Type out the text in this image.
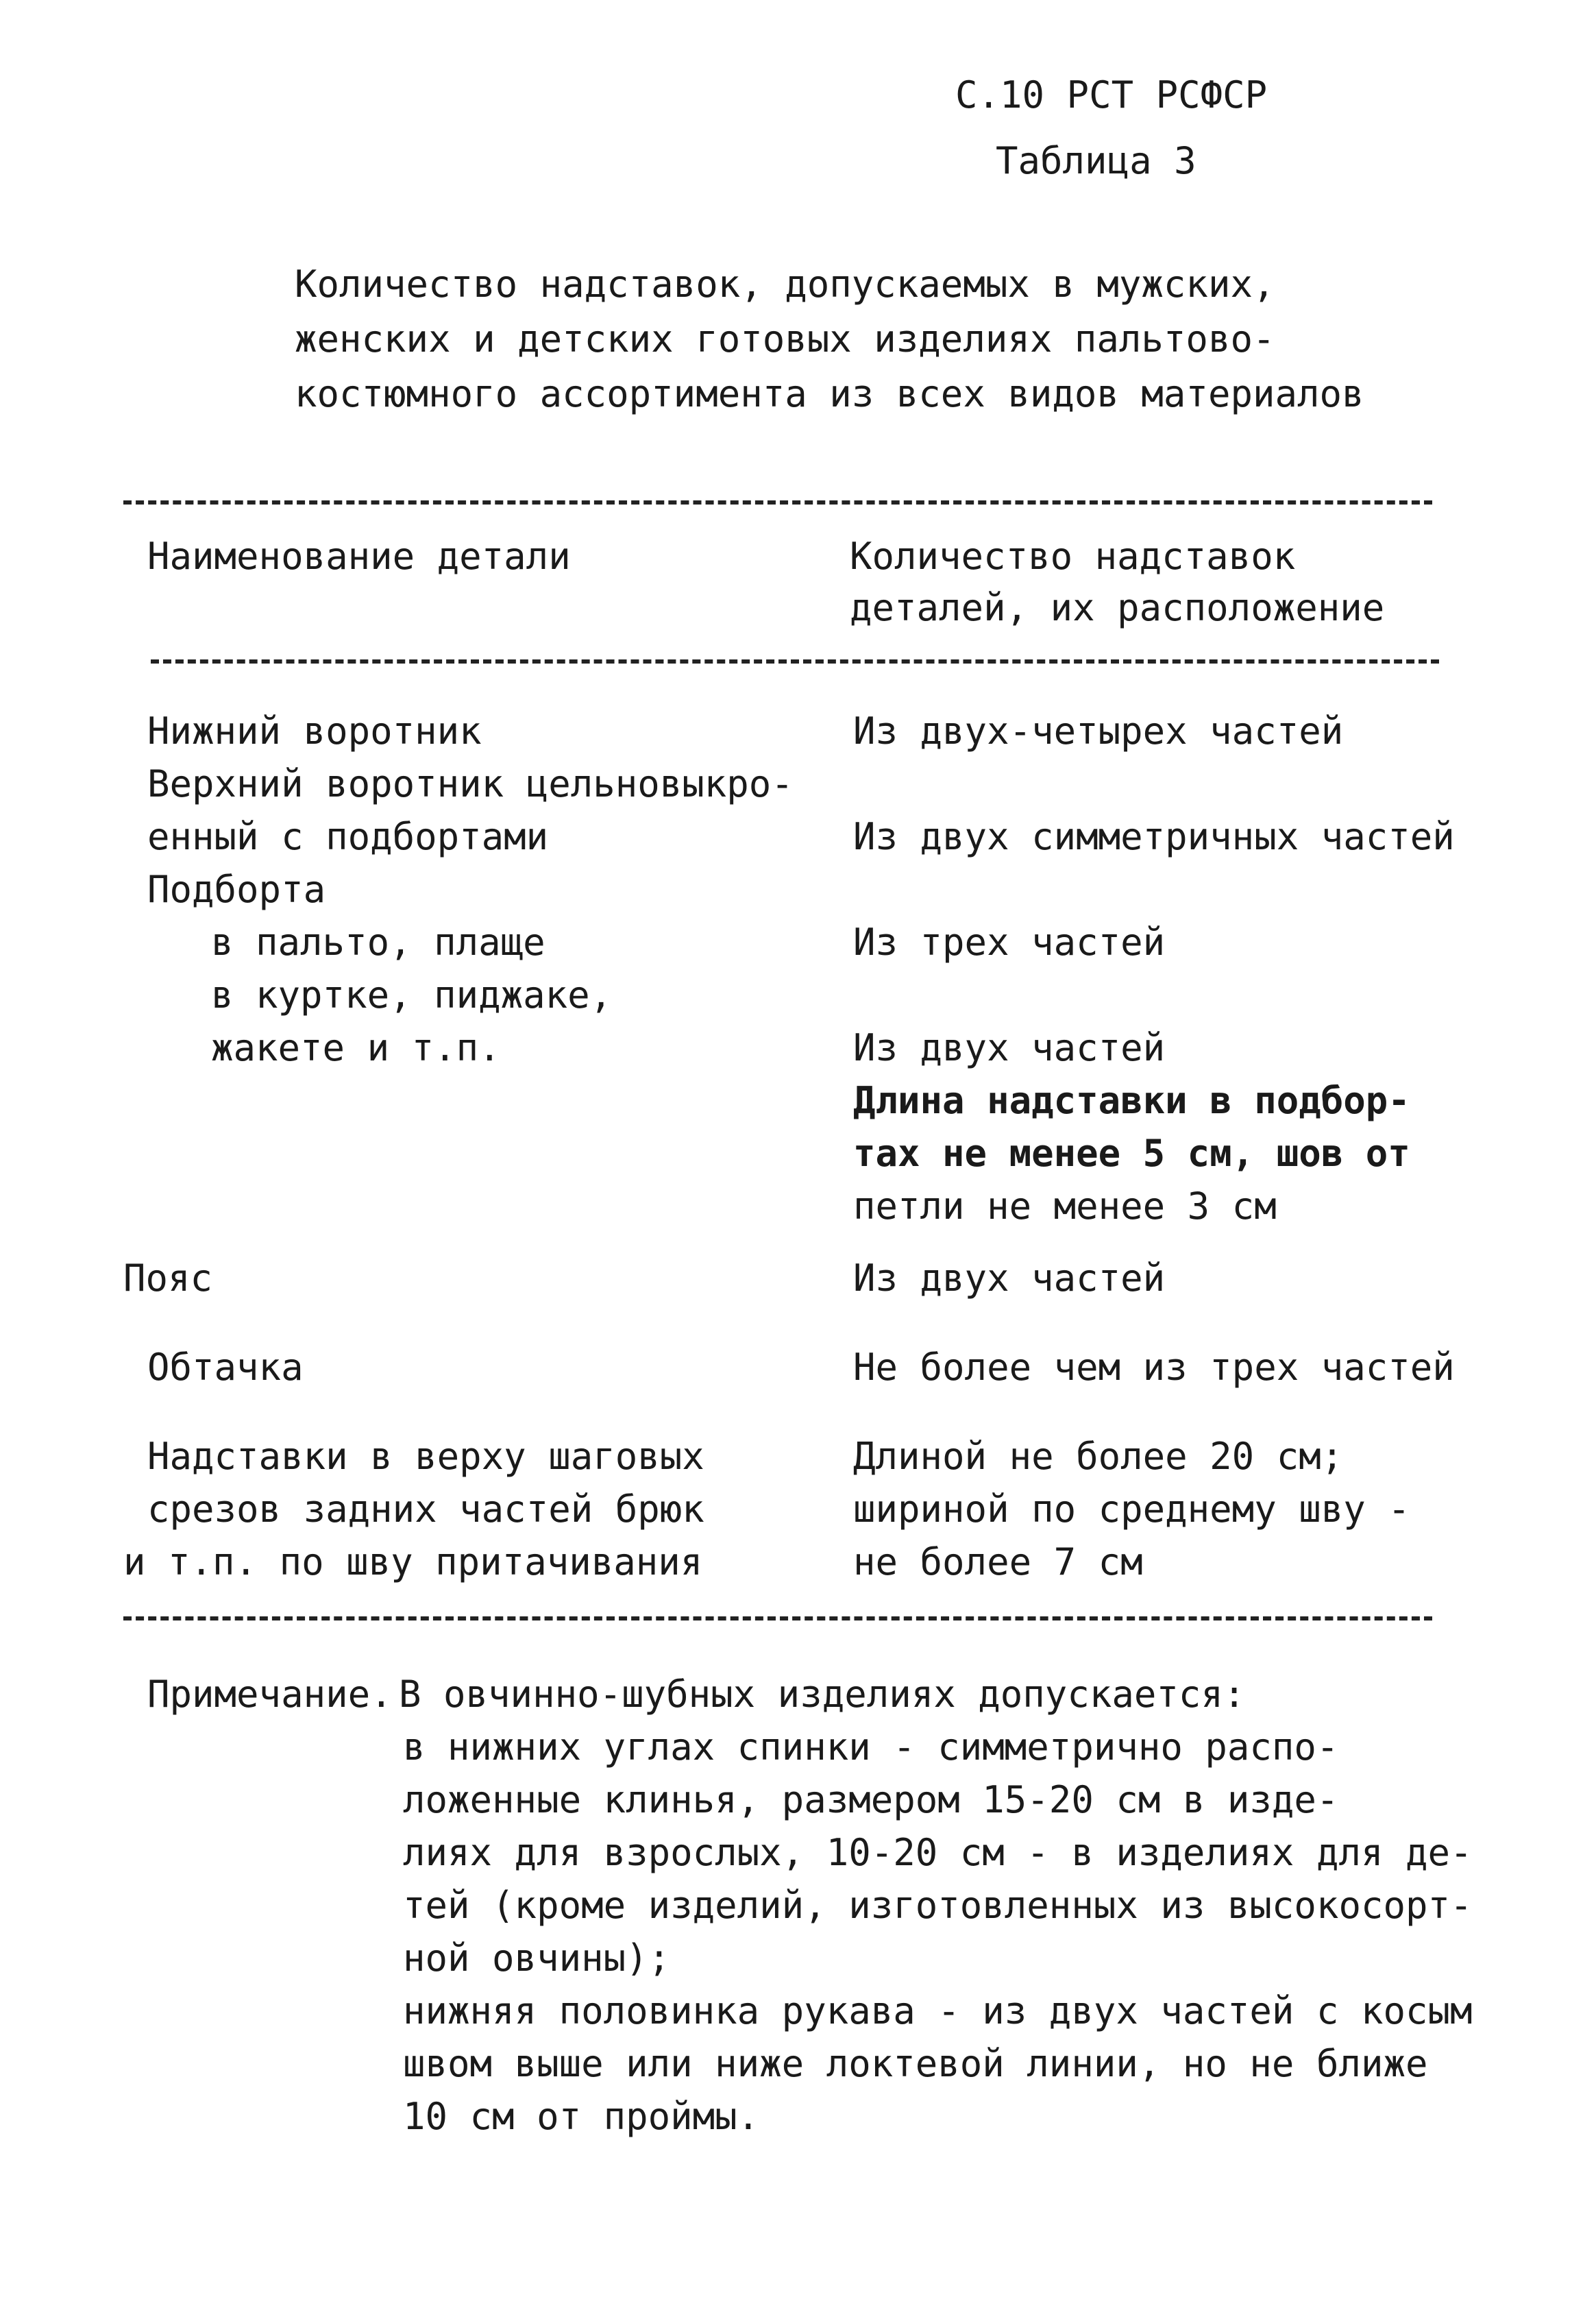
С.10 РСТ РСФСР
Таблица 3
Количество надставок, допускаемых в мужских,
женских и детских готовых изделиях пальтово-
костюмного ассортимента из всех видов материалов
Наименование детали	Количество надставок
деталей, их расположение
Нижний воротник
Верхний воротник цельновыкро-
енный с подбортами
Подборта
в пальто, плаще
в куртке, пиджаке,
жакете и т.п.
Пояс
Обтачка
Надставки в верху шаговых
срезов задних частей брюк
и т.п. по шву притачивания
Из двух-четырех частей
Из двух симметричных частей
Из трех частей
Из двух частей
Длина надставки в подбор-
тах не менее 5 см, шов от
петли не менее 3 см
Из двух частей
Не более чем из трех частей
Длиной не более 20 см;
шириной по среднему шву -
не более 7 см
Примечание. В овчинно-шубных изделиях допускается:
в нижних углах спинки - симметрично распо-
ложенные клинья, размером 15-20 см в изде-
лиях для взрослых, 10-20 см - в изделиях для де-
тей (кроме изделий, изготовленных из высокосорт-
ной овчины);
нижняя половинка рукава - из двух частей с косым
швом выше или ниже локтевой линии, но не ближе
10 см от проймы.
